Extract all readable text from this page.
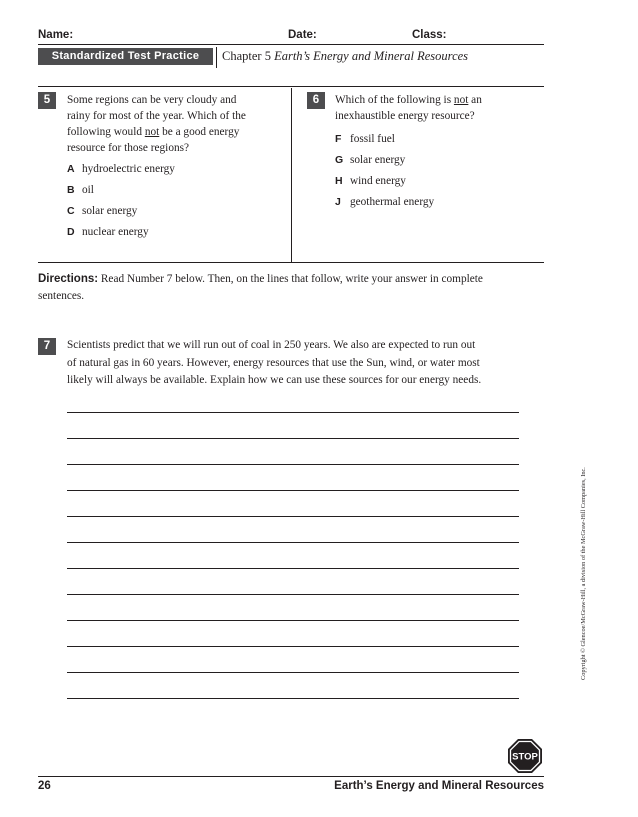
Name:	Date:	Class:
Standardized Test Practice	Chapter 5 Earth’s Energy and Mineral Resources
5	Some regions can be very cloudy and
rainy for most of the year. Which of the
following would not be a good energy
resource for those regions?
A hydroelectric energy
B oil
C solar energy
D nuclear energy
6	Which of the following is not an
inexhaustible energy resource?
F fossil fuel
G solar energy
H wind energy
J geothermal energy
Directions: Read Number 7 below. Then, on the lines that follow, write your answer in complete
sentences.
7	Scientists predict that we will run out of coal in 250 years. We also are expected to run out
of natural gas in 60 years. However, energy resources that use the Sun, wind, or water most
likely will always be available. Explain how we can use these sources for our energy needs.
Copyright © Glencoe/McGraw-Hill, a division of the McGraw-Hill Companies, Inc.
STOP
26	Earth’s Energy and Mineral Resources
